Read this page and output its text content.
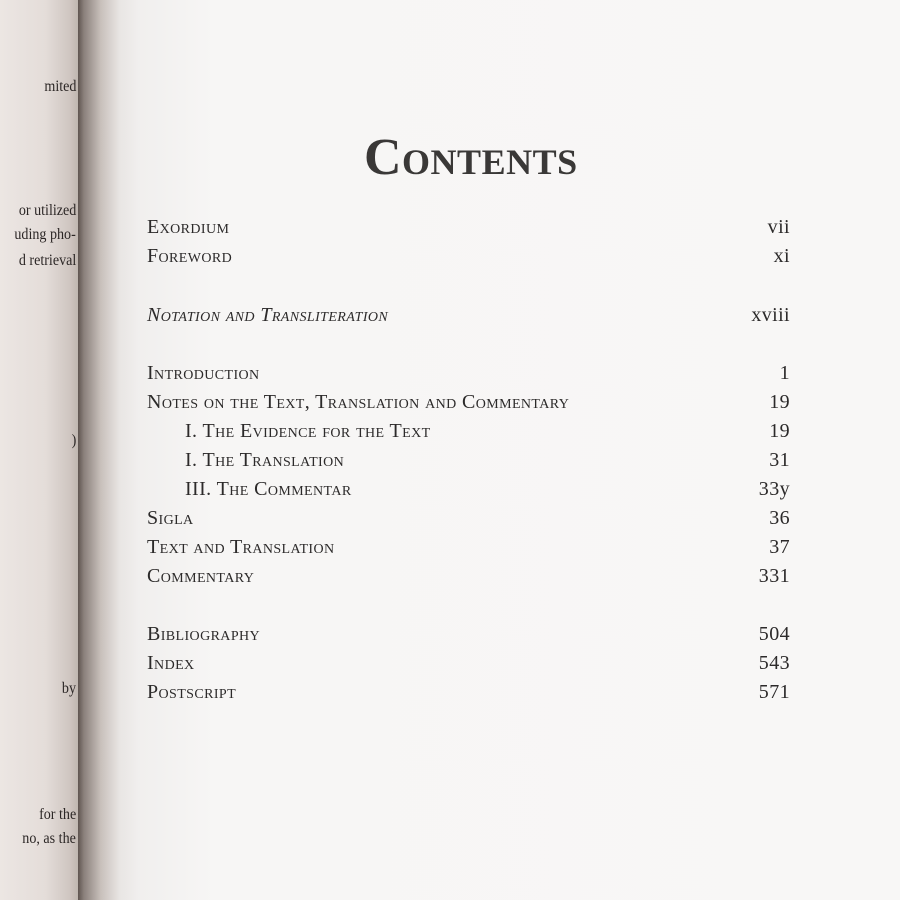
mited
or utilized
uding pho-
d retrieval
)
by
for the
no, as the
Contents
Exordium	vii
Foreword	xi
Notation and Transliteration	xviii
Introduction	1
Notes on the Text, Translation and Commentary	19
I. The Evidence for the Text	19
I. The Translation	31
III. The Commentar	33y
Sigla	36
Text and Translation	37
Commentary	331
Bibliography	504
Index	543
Postscript	571
